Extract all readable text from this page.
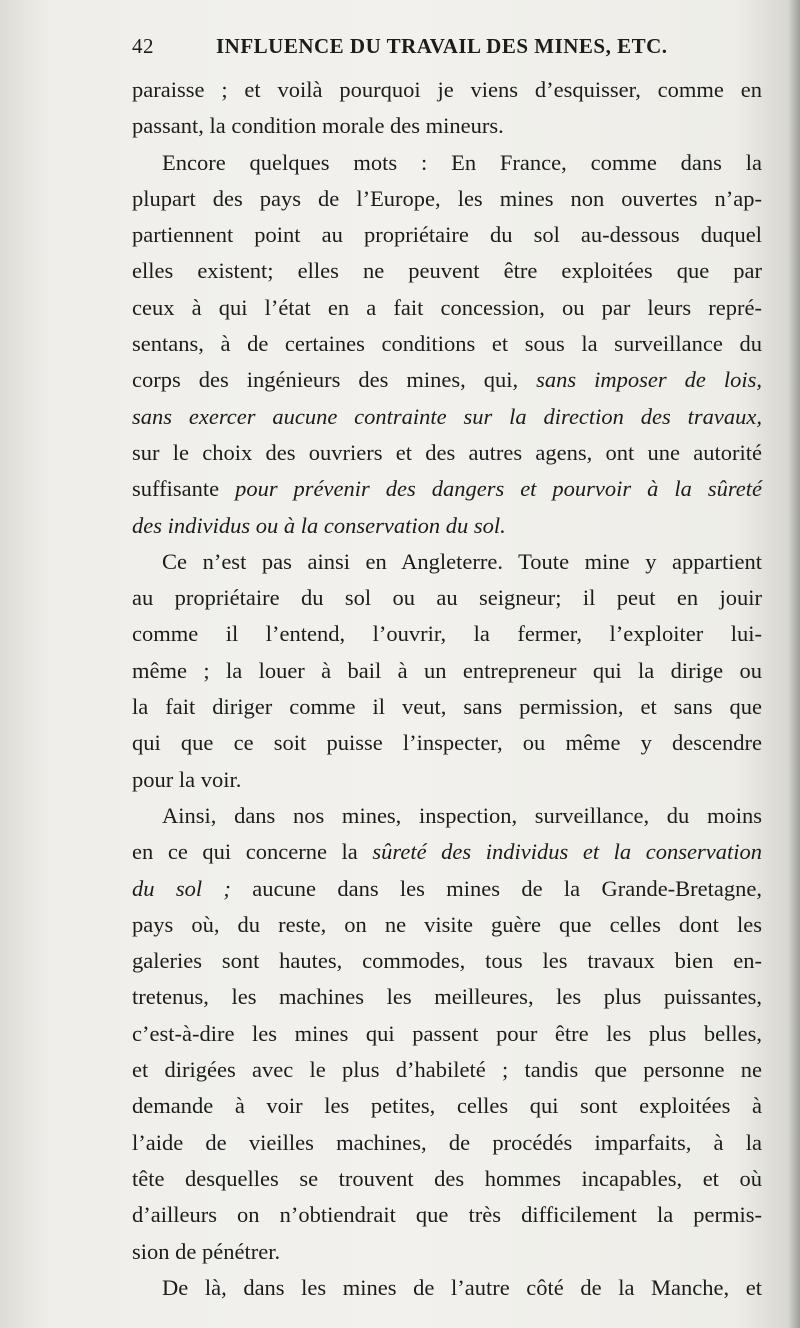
42	INFLUENCE DU TRAVAIL DES MINES, ETC.
paraisse ; et voilà pourquoi je viens d’esquisser, comme en
passant, la condition morale des mineurs.
Encore quelques mots : En France, comme dans la
plupart des pays de l’Europe, les mines non ouvertes n’ap-
partiennent point au propriétaire du sol au-dessous duquel
elles existent; elles ne peuvent être exploitées que par
ceux à qui l’état en a fait concession, ou par leurs repré-
sentans, à de certaines conditions et sous la surveillance du
corps des ingénieurs des mines, qui, sans imposer de lois,
sans exercer aucune contrainte sur la direction des travaux,
sur le choix des ouvriers et des autres agens, ont une autorité
suffisante pour prévenir des dangers et pourvoir à la sûreté
des individus ou à la conservation du sol.
Ce n’est pas ainsi en Angleterre. Toute mine y appartient
au propriétaire du sol ou au seigneur; il peut en jouir
comme il l’entend, l’ouvrir, la fermer, l’exploiter lui-
même ; la louer à bail à un entrepreneur qui la dirige ou
la fait diriger comme il veut, sans permission, et sans que
qui que ce soit puisse l’inspecter, ou même y descendre
pour la voir.
Ainsi, dans nos mines, inspection, surveillance, du moins
en ce qui concerne la sûreté des individus et la conservation
du sol ; aucune dans les mines de la Grande-Bretagne,
pays où, du reste, on ne visite guère que celles dont les
galeries sont hautes, commodes, tous les travaux bien en-
tretenus, les machines les meilleures, les plus puissantes,
c’est-à-dire les mines qui passent pour être les plus belles,
et dirigées avec le plus d’habileté ; tandis que personne ne
demande à voir les petites, celles qui sont exploitées à
l’aide de vieilles machines, de procédés imparfaits, à la
tête desquelles se trouvent des hommes incapables, et où
d’ailleurs on n’obtiendrait que très difficilement la permis-
sion de pénétrer.
De là, dans les mines de l’autre côté de la Manche, et
